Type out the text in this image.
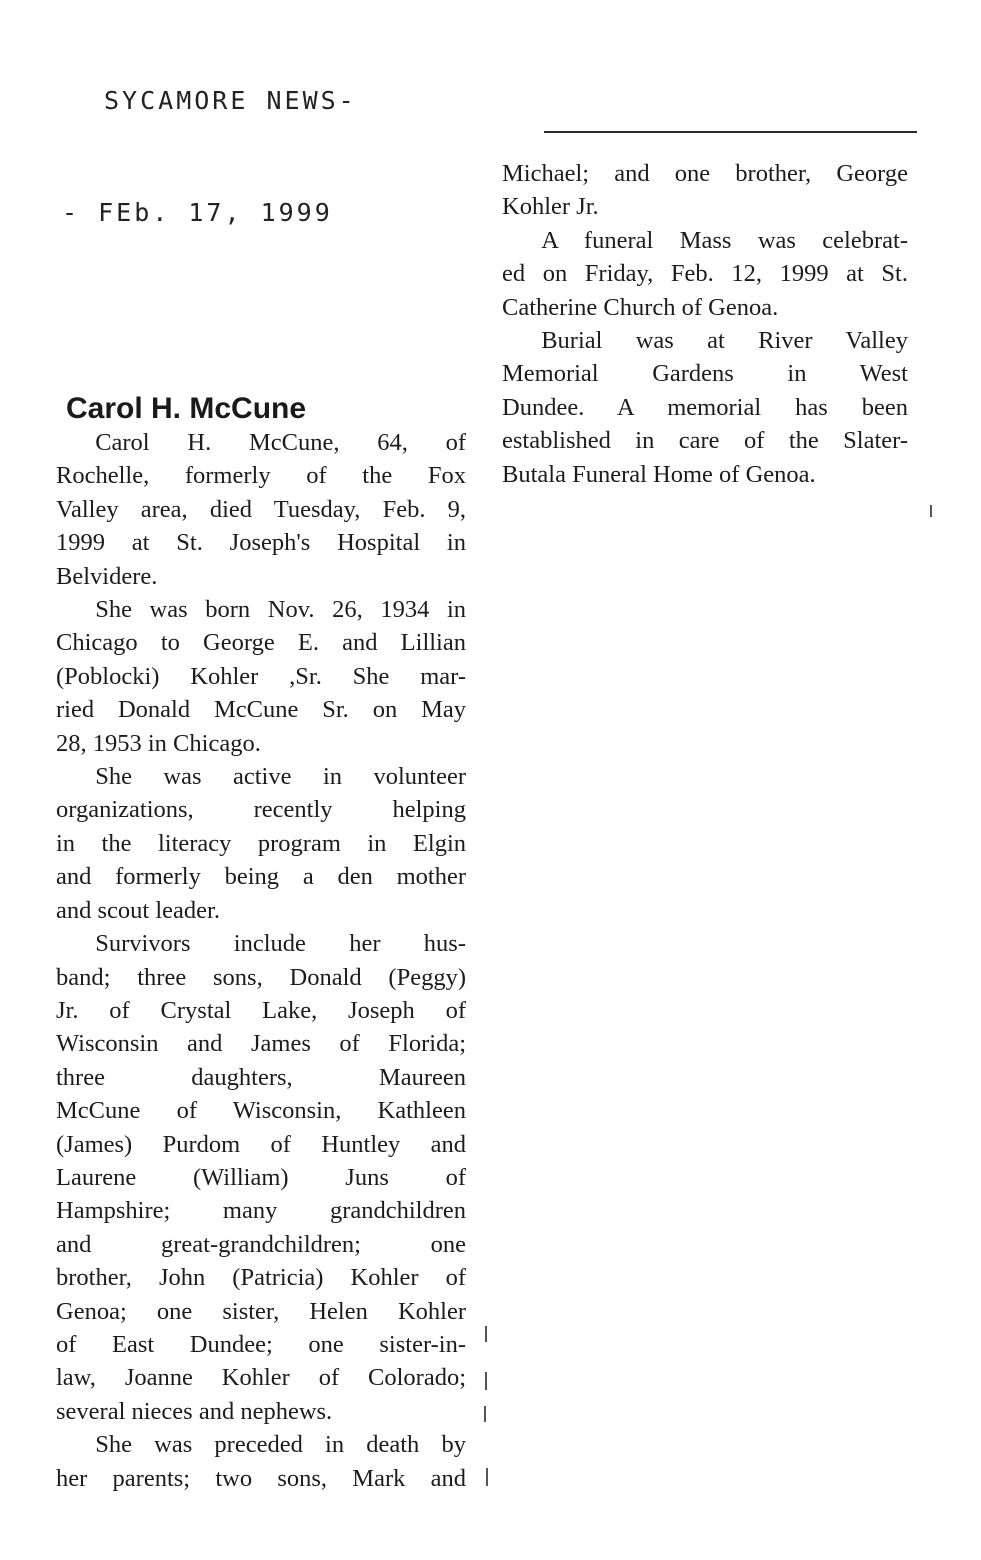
SYCAMORE NEWS-
- FEb. 17, 1999
Carol H. McCune
Carol H. McCune, 64, of
Rochelle, formerly of the Fox
Valley area, died Tuesday, Feb. 9,
1999 at St. Joseph's Hospital in
Belvidere.
She was born Nov. 26, 1934 in
Chicago to George E. and Lillian
(Poblocki) Kohler ,Sr. She mar-
ried Donald McCune Sr. on May
28, 1953 in Chicago.
She was active in volunteer
organizations, recently helping
in the literacy program in Elgin
and formerly being a den mother
and scout leader.
Survivors include her hus-
band; three sons, Donald (Peggy)
Jr. of Crystal Lake, Joseph of
Wisconsin and James of Florida;
three daughters, Maureen
McCune of Wisconsin, Kathleen
(James) Purdom of Huntley and
Laurene (William) Juns of
Hampshire; many grandchildren
and great-grandchildren; one
brother, John (Patricia) Kohler of
Genoa; one sister, Helen Kohler
of East Dundee; one sister-in-
law, Joanne Kohler of Colorado;
several nieces and nephews.
She was preceded in death by
her parents; two sons, Mark and
Michael; and one brother, George
Kohler Jr.
A funeral Mass was celebrat-
ed on Friday, Feb. 12, 1999 at St.
Catherine Church of Genoa.
Burial was at River Valley
Memorial Gardens in West
Dundee. A memorial has been
established in care of the Slater-
Butala Funeral Home of Genoa.
